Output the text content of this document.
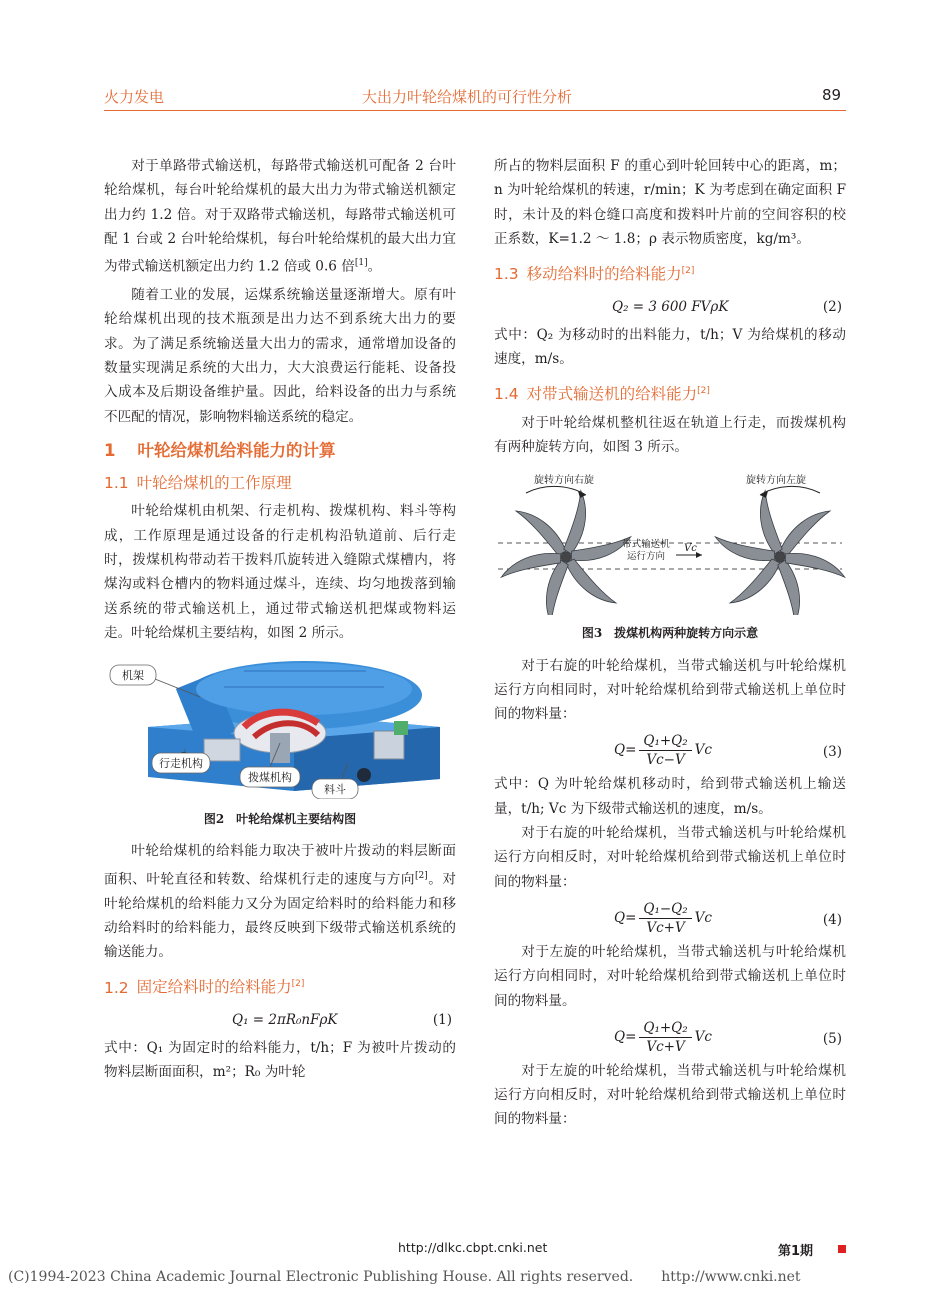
火力发电	大出力叶轮给煤机的可行性分析	89

对于单路带式输送机，每路带式输送机可配备 2 台叶轮给煤机，每台叶轮给煤机的最大出力为带式输送机额定出力约 1.2 倍。对于双路带式输送机，每路带式输送机可配 1 台或 2 台叶轮给煤机，每台叶轮给煤机的最大出力宜为带式输送机额定出力约 1.2 倍或 0.6 倍[1]。

随着工业的发展，运煤系统输送量逐渐增大。原有叶轮给煤机出现的技术瓶颈是出力达不到系统大出力的要求。为了满足系统输送量大出力的需求，通常增加设备的数量实现满足系统的大出力，大大浪费运行能耗、设备投入成本及后期设备维护量。因此，给料设备的出力与系统不匹配的情况，影响物料输送系统的稳定。

1 叶轮给煤机给料能力的计算
1.1 叶轮给煤机的工作原理

叶轮给煤机由机架、行走机构、拨煤机构、料斗等构成，工作原理是通过设备的行走机构沿轨道前、后行走时，拨煤机构带动若干拨料爪旋转进入缝隙式煤槽内，将煤沟或料仓槽内的物料通过煤斗，连续、均匀地拨落到输送系统的带式输送机上，通过带式输送机把煤或物料运走。叶轮给煤机主要结构，如图 2 所示。

机架
行走机构
拨煤机构
料斗
图2　叶轮给煤机主要结构图

叶轮给煤机的给料能力取决于被叶片拨动的料层断面面积、叶轮直径和转数、给煤机行走的速度与方向[2]。对叶轮给煤机的给料能力又分为固定给料时的给料能力和移动给料时的给料能力，最终反映到下级带式输送机系统的输送能力。

1.2 固定给料时的给料能力[2]
Q₁ = 2πR₀nFρK	(1)

式中：Q₁ 为固定时的给料能力，t/h；F 为被叶片拨动的物料层断面面积，m²；R₀ 为叶轮

所占的物料层面积 F 的重心到叶轮回转中心的距离，m；n 为叶轮给煤机的转速，r/min；K 为考虑到在确定面积 F 时，未计及的料仓缝口高度和拨料叶片前的空间容积的校正系数，K=1.2 ～ 1.8；ρ 表示物质密度，kg/m³。

1.3 移动给料时的给料能力[2]
Q₂ = 3 600 FVρK	(2)

式中：Q₂ 为移动时的出料能力，t/h；V 为给煤机的移动速度，m/s。

1.4 对带式输送机的给料能力[2]

对于叶轮给煤机整机往返在轨道上行走，而拨煤机构有两种旋转方向，如图 3 所示。

旋转方向右旋	旋转方向左旋
带式输送机
运行方向
Vc
图3　拨煤机构两种旋转方向示意

对于右旋的叶轮给煤机，当带式输送机与叶轮给煤机运行方向相同时，对叶轮给煤机给到带式输送机上单位时间的物料量：

$Q= \frac{\text{Q₁+Q₂}}{Vc-V}$ Vc	(3)

式中：Q 为叶轮给煤机移动时，给到带式输送机上输送量，t/h; Vc 为下级带式输送机的速度，m/s。

对于右旋的叶轮给煤机，当带式输送机与叶轮给煤机运行方向相反时，对叶轮给煤机给到带式输送机上单位时间的物料量：

$Q= \frac{\text{Q₁−Q₂}}{Vc+V}$ Vc	(4)

对于左旋的叶轮给煤机，当带式输送机与叶轮给煤机运行方向相同时，对叶轮给煤机给到带式输送机上单位时间的物料量。

$Q= \frac{\text{Q₁+Q₂}}{Vc+V}$ Vc	(5)

对于左旋的叶轮给煤机，当带式输送机与叶轮给煤机运行方向相反时，对叶轮给煤机给到带式输送机上单位时间的物料量：

http://dlkc.cbpt.cnki.net	第1期
(C)1994-2023 China Academic Journal Electronic Publishing House. All rights reserved.　　http://www.cnki.net
